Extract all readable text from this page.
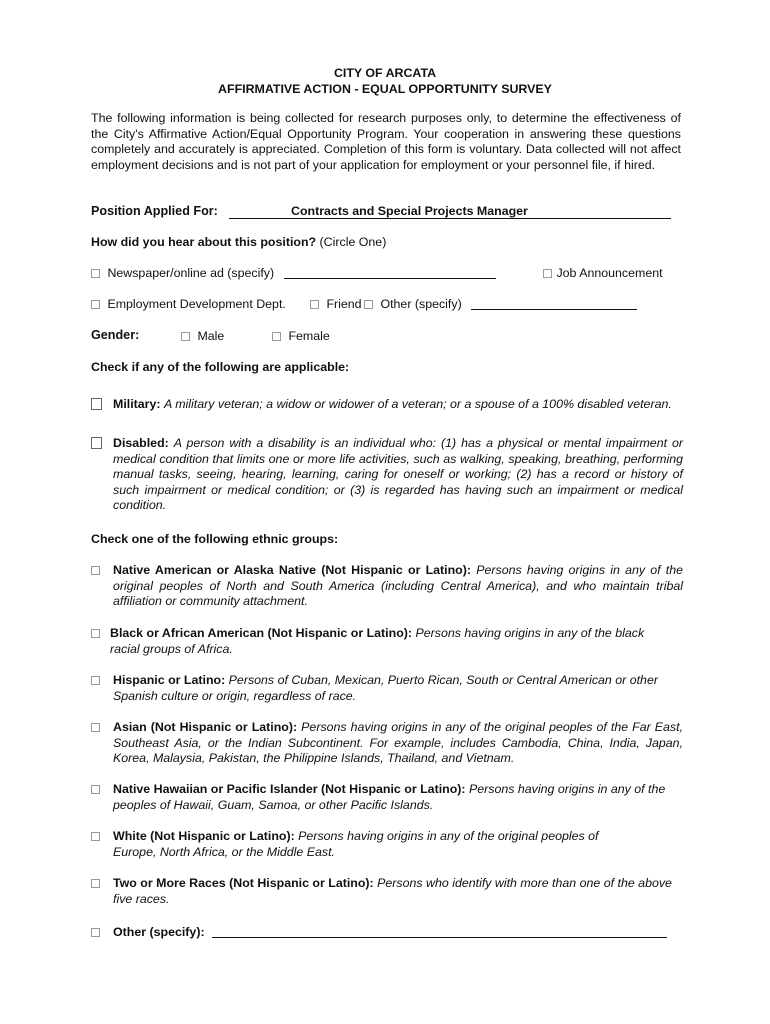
CITY OF ARCATA
AFFIRMATIVE ACTION - EQUAL OPPORTUNITY SURVEY
The following information is being collected for research purposes only, to determine the effectiveness of the City's Affirmative Action/Equal Opportunity Program. Your cooperation in answering these questions completely and accurately is appreciated. Completion of this form is voluntary. Data collected will not affect employment decisions and is not part of your application for employment or your personnel file, if hired.
Position Applied For:	Contracts and Special Projects Manager
How did you hear about this position? (Circle One)
Newspaper/online ad (specify)	Job Announcement
Employment Development Dept.	Friend	Other (specify)
Gender:	Male	Female
Check if any of the following are applicable:
Military: A military veteran; a widow or widower of a veteran; or a spouse of a 100% disabled veteran.
Disabled: A person with a disability is an individual who: (1) has a physical or mental impairment or medical condition that limits one or more life activities, such as walking, speaking, breathing, performing manual tasks, seeing, hearing, learning, caring for oneself or working; (2) has a record or history of such impairment or medical condition; or (3) is regarded has having such an impairment or medical condition.
Check one of the following ethnic groups:
Native American or Alaska Native (Not Hispanic or Latino): Persons having origins in any of the original peoples of North and South America (including Central America), and who maintain tribal affiliation or community attachment.
Black or African American (Not Hispanic or Latino): Persons having origins in any of the black racial groups of Africa.
Hispanic or Latino: Persons of Cuban, Mexican, Puerto Rican, South or Central American or other Spanish culture or origin, regardless of race.
Asian (Not Hispanic or Latino): Persons having origins in any of the original peoples of the Far East, Southeast Asia, or the Indian Subcontinent. For example, includes Cambodia, China, India, Japan, Korea, Malaysia, Pakistan, the Philippine Islands, Thailand, and Vietnam.
Native Hawaiian or Pacific Islander (Not Hispanic or Latino): Persons having origins in any of the peoples of Hawaii, Guam, Samoa, or other Pacific Islands.
White (Not Hispanic or Latino): Persons having origins in any of the original peoples of Europe, North Africa, or the Middle East.
Two or More Races (Not Hispanic or Latino): Persons who identify with more than one of the above five races.
Other (specify):
